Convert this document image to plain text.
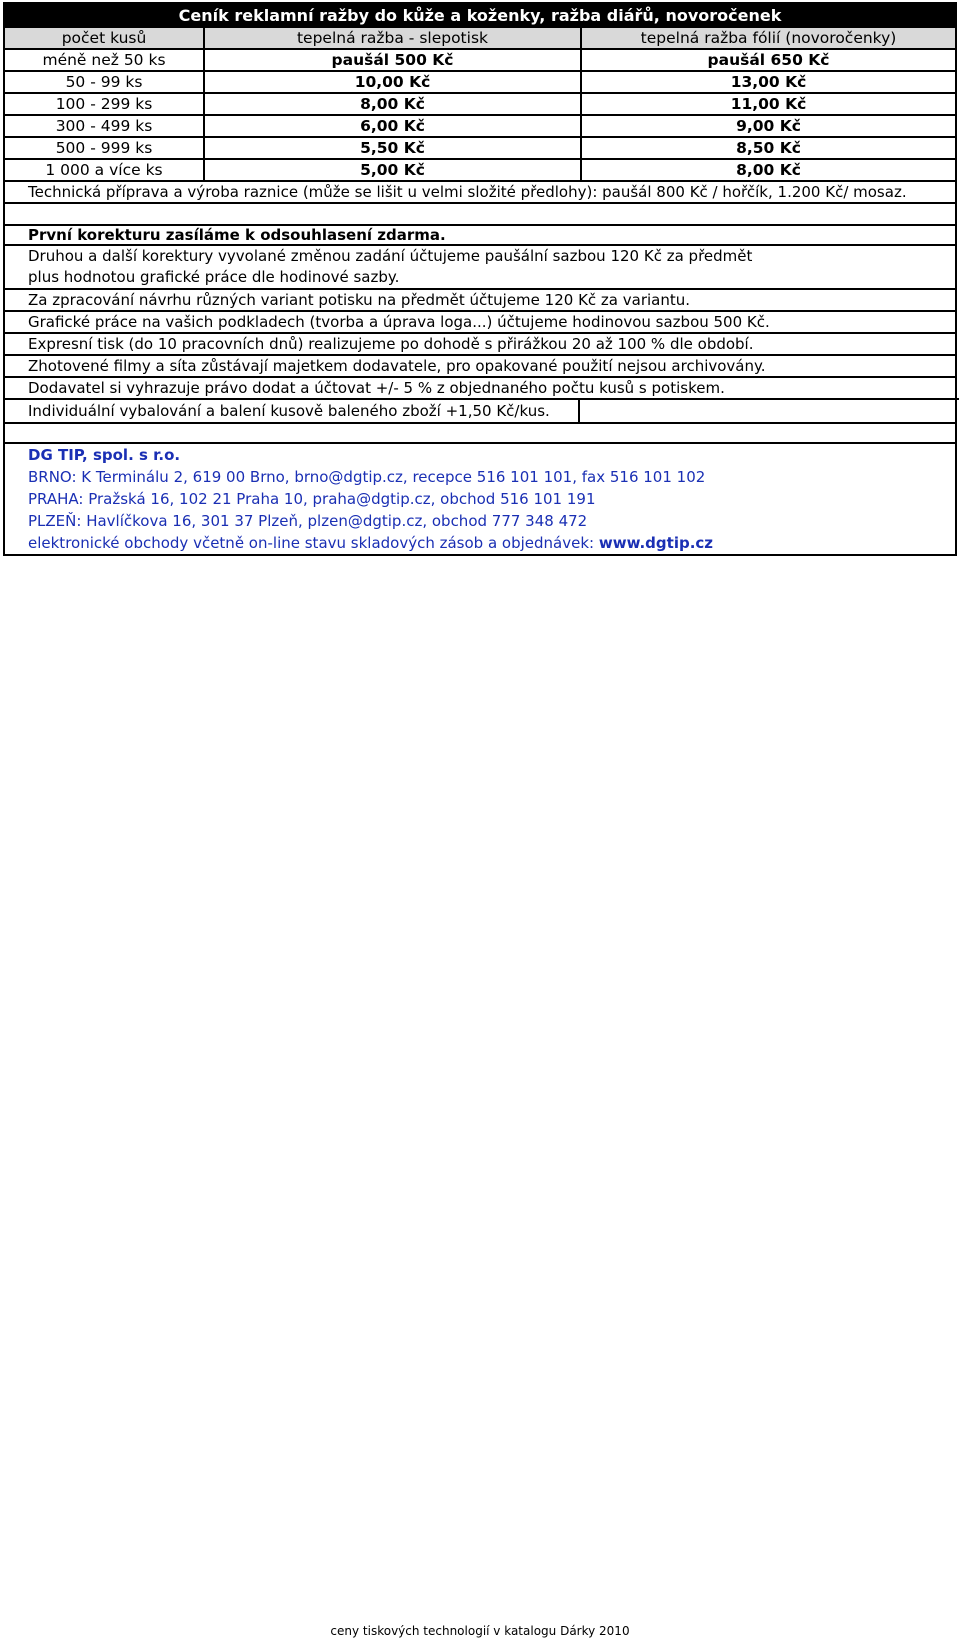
Ceník reklamní ražby do kůže a koženky, ražba diářů, novoročenek
počet kusů	tepelná ražba - slepotisk	tepelná ražba fólií (novoročenky)
méně než 50 ks	paušál 500 Kč	paušál 650 Kč
50 - 99 ks	10,00 Kč	13,00 Kč
100 - 299 ks	8,00 Kč	11,00 Kč
300 - 499 ks	6,00 Kč	9,00 Kč
500 - 999 ks	5,50 Kč	8,50 Kč
1 000 a více ks	5,00 Kč	8,00 Kč
Technická příprava a výroba raznice (může se lišit u velmi složité předlohy): paušál 800 Kč / hořčík, 1.200 Kč/ mosaz.
První korekturu zasíláme k odsouhlasení zdarma.
Druhou a další korektury vyvolané změnou zadání účtujeme paušální sazbou 120 Kč za předmět
plus hodnotou grafické práce dle hodinové sazby.
Za zpracování návrhu různých variant potisku na předmět účtujeme 120 Kč za variantu.
Grafické práce na vašich podkladech (tvorba a úprava loga...) účtujeme hodinovou sazbou 500 Kč.
Expresní tisk (do 10 pracovních dnů) realizujeme po dohodě s přirážkou 20 až 100 % dle období.
Zhotovené filmy a síta zůstávají majetkem dodavatele, pro opakované použití nejsou archivovány.
Dodavatel si vyhrazuje právo dodat a účtovat +/- 5 % z objednaného počtu kusů s potiskem.
Individuální vybalování a balení kusově baleného zboží +1,50 Kč/kus.
DG TIP, spol. s r.o.
BRNO: K Terminálu 2, 619 00 Brno, brno@dgtip.cz, recepce 516 101 101, fax 516 101 102
PRAHA: Pražská 16, 102 21 Praha 10, praha@dgtip.cz, obchod 516 101 191
PLZEŇ: Havlíčkova 16, 301 37 Plzeň, plzen@dgtip.cz, obchod 777 348 472
elektronické obchody včetně on-line stavu skladových zásob a objednávek: www.dgtip.cz
ceny tiskových technologií v katalogu Dárky 2010
